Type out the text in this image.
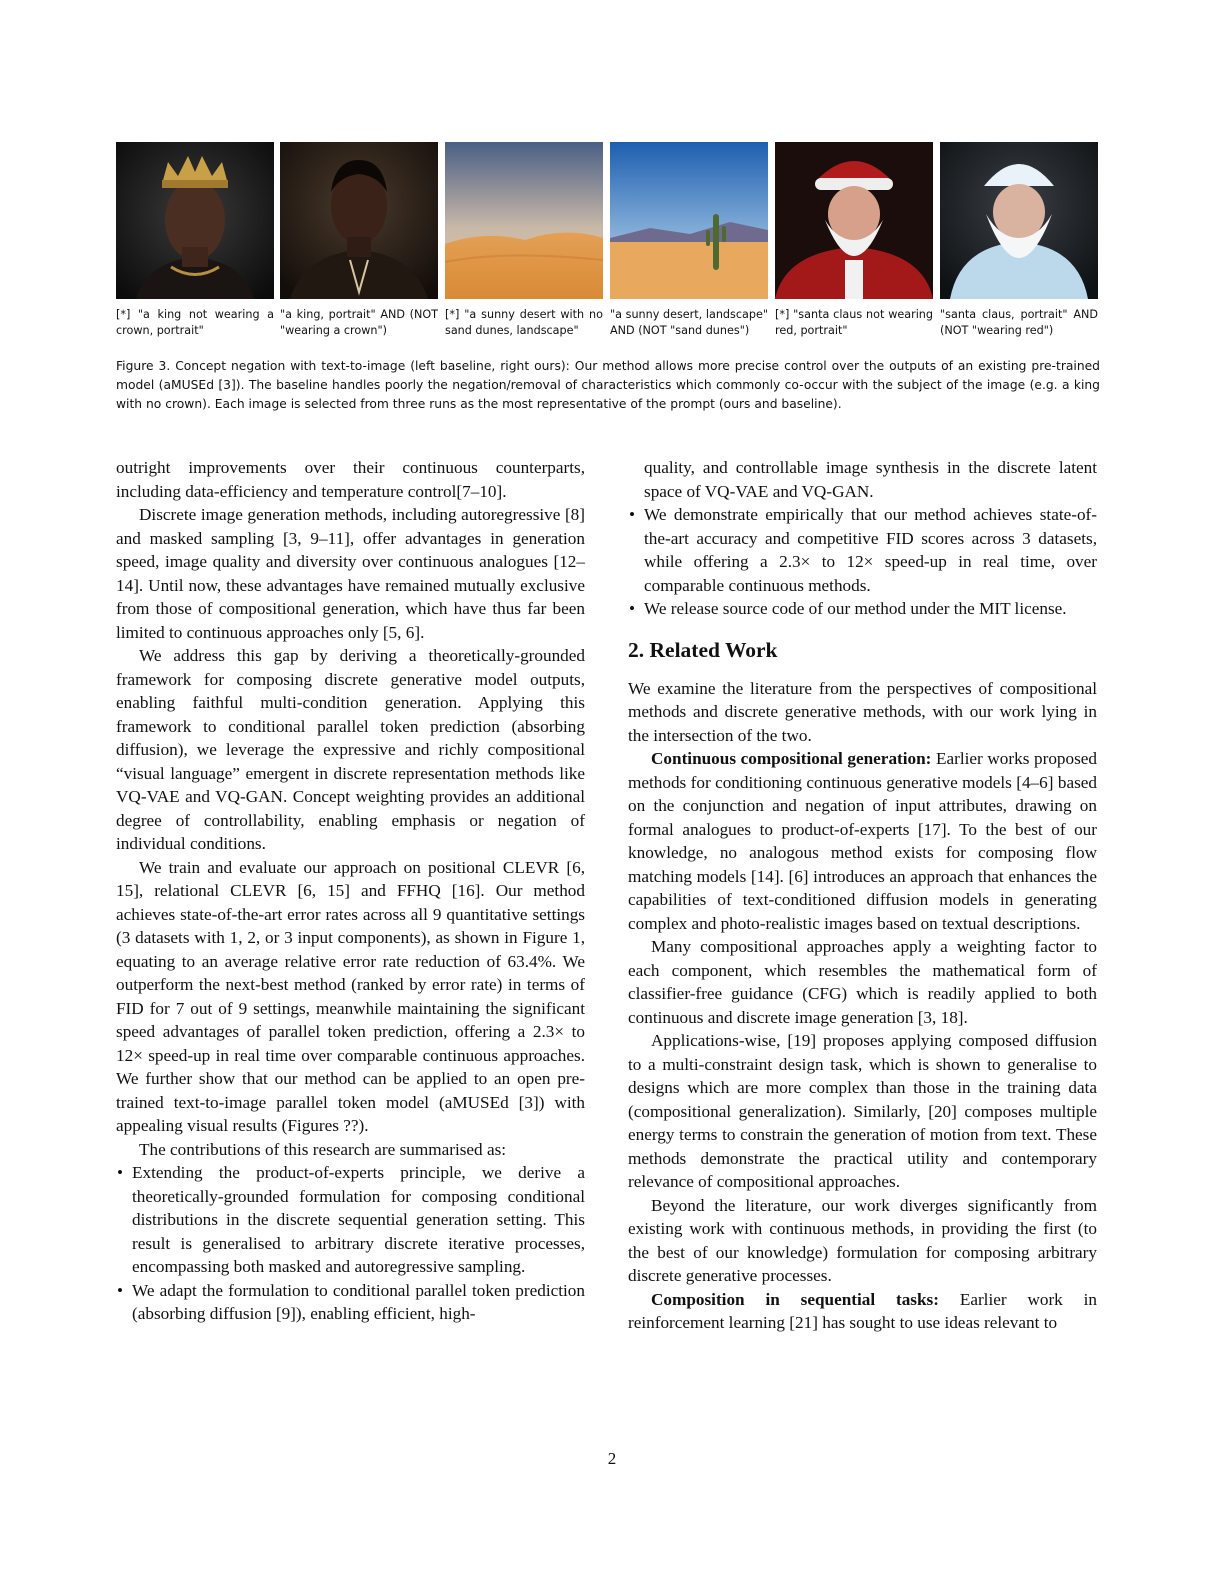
[*] "a king not wearing a crown, portrait"
"a king, portrait" AND (NOT "wearing a crown")
[*] "a sunny desert with no sand dunes, landscape"
"a sunny desert, landscape" AND (NOT "sand dunes")
[*] "santa claus not wearing red, portrait"
"santa claus, portrait" AND (NOT "wearing red")
Figure 3. Concept negation with text-to-image (left baseline, right ours): Our method allows more precise control over the outputs of an existing pre-trained model (aMUSEd [3]). The baseline handles poorly the negation/removal of characteristics which commonly co-occur with the subject of the image (e.g. a king with no crown). Each image is selected from three runs as the most representative of the prompt (ours and baseline).

outright improvements over their continuous counterparts, including data-efficiency and temperature control[7–10].

Discrete image generation methods, including autoregressive [8] and masked sampling [3, 9–11], offer advantages in generation speed, image quality and diversity over continuous analogues [12–14]. Until now, these advantages have remained mutually exclusive from those of compositional generation, which have thus far been limited to continuous approaches only [5, 6].

We address this gap by deriving a theoretically-grounded framework for composing discrete generative model outputs, enabling faithful multi-condition generation. Applying this framework to conditional parallel token prediction (absorbing diffusion), we leverage the expressive and richly compositional “visual language” emergent in discrete representation methods like VQ-VAE and VQ-GAN. Concept weighting provides an additional degree of controllability, enabling emphasis or negation of individual conditions.

We train and evaluate our approach on positional CLEVR [6, 15], relational CLEVR [6, 15] and FFHQ [16]. Our method achieves state-of-the-art error rates across all 9 quantitative settings (3 datasets with 1, 2, or 3 input components), as shown in Figure 1, equating to an average relative error rate reduction of 63.4%. We outperform the next-best method (ranked by error rate) in terms of FID for 7 out of 9 settings, meanwhile maintaining the significant speed advantages of parallel token prediction, offering a 2.3× to 12× speed-up in real time over comparable continuous approaches. We further show that our method can be applied to an open pre-trained text-to-image parallel token model (aMUSEd [3]) with appealing visual results (Figures ??).

The contributions of this research are summarised as:

• Extending the product-of-experts principle, we derive a theoretically-grounded formulation for composing conditional distributions in the discrete sequential generation setting. This result is generalised to arbitrary discrete iterative processes, encompassing both masked and autoregressive sampling.
• We adapt the formulation to conditional parallel token prediction (absorbing diffusion [9]), enabling efficient, high-

quality, and controllable image synthesis in the discrete latent space of VQ-VAE and VQ-GAN.

• We demonstrate empirically that our method achieves state-of-the-art accuracy and competitive FID scores across 3 datasets, while offering a 2.3× to 12× speed-up in real time, over comparable continuous methods.
• We release source code of our method under the MIT license.
2. Related Work

We examine the literature from the perspectives of compositional methods and discrete generative methods, with our work lying in the intersection of the two.

Continuous compositional generation: Earlier works proposed methods for conditioning continuous generative models [4–6] based on the conjunction and negation of input attributes, drawing on formal analogues to product-of-experts [17]. To the best of our knowledge, no analogous method exists for composing flow matching models [14]. [6] introduces an approach that enhances the capabilities of text-conditioned diffusion models in generating complex and photo-realistic images based on textual descriptions.

Many compositional approaches apply a weighting factor to each component, which resembles the mathematical form of classifier-free guidance (CFG) which is readily applied to both continuous and discrete image generation [3, 18].

Applications-wise, [19] proposes applying composed diffusion to a multi-constraint design task, which is shown to generalise to designs which are more complex than those in the training data (compositional generalization). Similarly, [20] composes multiple energy terms to constrain the generation of motion from text. These methods demonstrate the practical utility and contemporary relevance of compositional approaches.

Beyond the literature, our work diverges significantly from existing work with continuous methods, in providing the first (to the best of our knowledge) formulation for composing arbitrary discrete generative processes.

Composition in sequential tasks: Earlier work in reinforcement learning [21] has sought to use ideas relevant to

2
